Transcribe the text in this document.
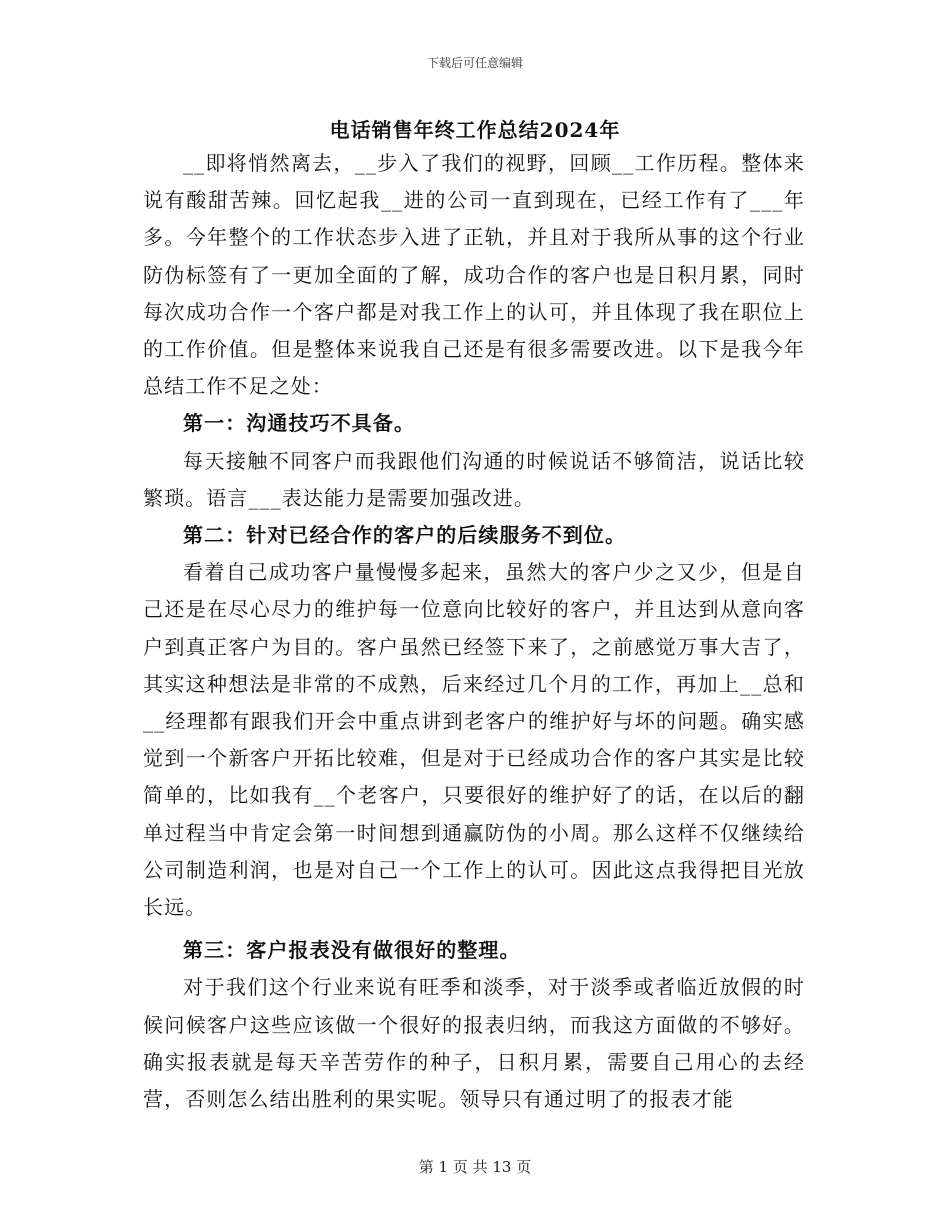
下载后可任意编辑
电话销售年终工作总结2024年

__即将悄然离去，__步入了我们的视野，回顾__工作历程。整体来说有酸甜苦辣。回忆起我__进的公司一直到现在，已经工作有了___年多。今年整个的工作状态步入进了正轨，并且对于我所从事的这个行业防伪标签有了一更加全面的了解，成功合作的客户也是日积月累，同时每次成功合作一个客户都是对我工作上的认可，并且体现了我在职位上的工作价值。但是整体来说我自己还是有很多需要改进。以下是我今年总结工作不足之处：

第一：沟通技巧不具备。

每天接触不同客户而我跟他们沟通的时候说话不够简洁，说话比较繁琐。语言___表达能力是需要加强改进。

第二：针对已经合作的客户的后续服务不到位。

看着自己成功客户量慢慢多起来，虽然大的客户少之又少，但是自己还是在尽心尽力的维护每一位意向比较好的客户，并且达到从意向客户到真正客户为目的。客户虽然已经签下来了，之前感觉万事大吉了，其实这种想法是非常的不成熟，后来经过几个月的工作，再加上__总和__经理都有跟我们开会中重点讲到老客户的维护好与坏的问题。确实感觉到一个新客户开拓比较难，但是对于已经成功合作的客户其实是比较简单的，比如我有__个老客户，只要很好的维护好了的话，在以后的翻单过程当中肯定会第一时间想到通赢防伪的小周。那么这样不仅继续给公司制造利润，也是对自己一个工作上的认可。因此这点我得把目光放长远。

第三：客户报表没有做很好的整理。

对于我们这个行业来说有旺季和淡季，对于淡季或者临近放假的时候问候客户这些应该做一个很好的报表归纳，而我这方面做的不够好。确实报表就是每天辛苦劳作的种子，日积月累，需要自己用心的去经营，否则怎么结出胜利的果实呢。领导只有通过明了的报表才能

第 1 页 共 13 页
